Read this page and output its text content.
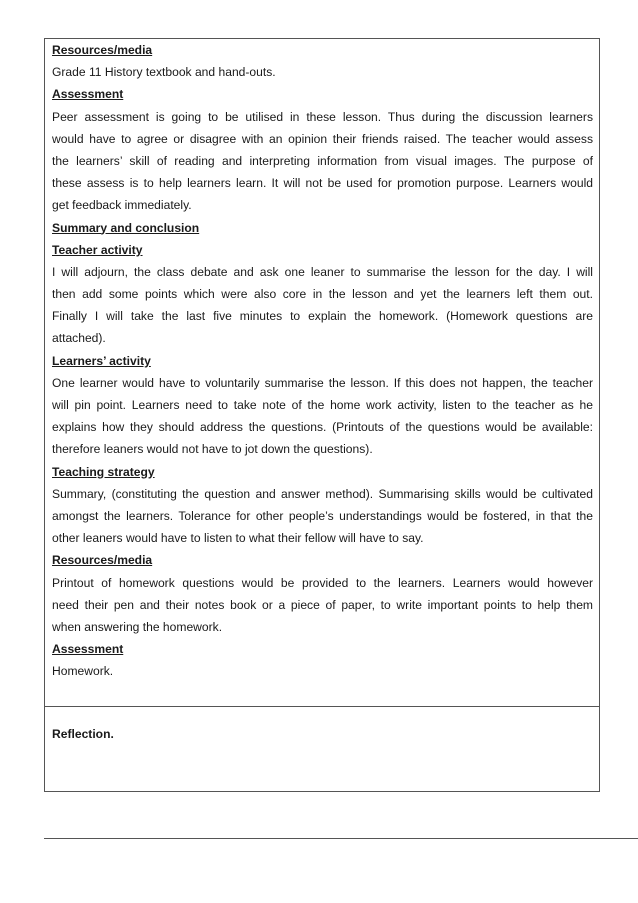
Resources/media
Grade 11 History textbook and hand-outs.
Assessment
Peer assessment is going to be utilised in these lesson. Thus during the discussion learners
would have to agree or disagree with an opinion their friends raised. The teacher would assess
the learners’ skill of reading and interpreting information from visual images. The purpose of
these assess is to help learners learn. It will not be used for promotion purpose. Learners would
get feedback immediately.
Summary and conclusion
Teacher activity
I will adjourn, the class debate and ask one leaner to summarise the lesson for the day. I will
then add some points which were also core in the lesson and yet the learners left them out.
Finally I will take the last five minutes to explain the homework. (Homework questions are
attached).
Learners’ activity
One learner would have to voluntarily summarise the lesson. If this does not happen, the teacher
will pin point. Learners need to take note of the home work activity, listen to the teacher as he
explains how they should address the questions. (Printouts of the questions would be available:
therefore leaners would not have to jot down the questions).
Teaching strategy
Summary, (constituting the question and answer method). Summarising skills would be cultivated
amongst the learners. Tolerance for other people’s understandings would be fostered, in that the
other leaners would have to listen to what their fellow will have to say.
Resources/media
Printout of homework questions would be provided to the learners. Learners would however
need their pen and their notes book or a piece of paper, to write important points to help them
when answering the homework.
Assessment
Homework.
Reflection.
